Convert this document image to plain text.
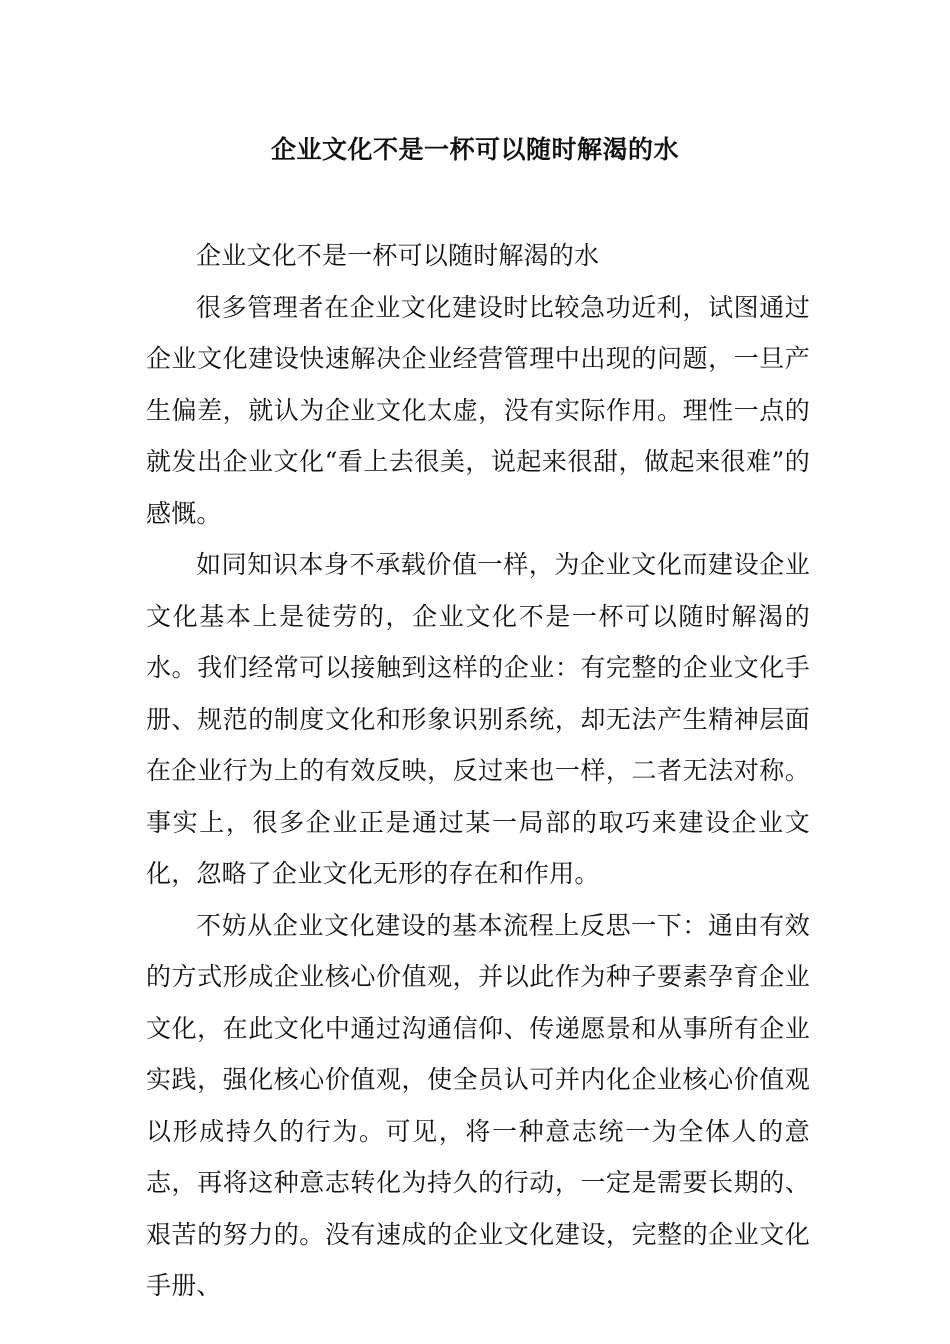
企业文化不是一杯可以随时解渴的水

企业文化不是一杯可以随时解渴的水

很多管理者在企业文化建设时比较急功近利，试图通过企业文化建设快速解决企业经营管理中出现的问题，一旦产生偏差，就认为企业文化太虚，没有实际作用。理性一点的就发出企业文化“看上去很美，说起来很甜，做起来很难”的感慨。

如同知识本身不承载价值一样，为企业文化而建设企业文化基本上是徒劳的，企业文化不是一杯可以随时解渴的水。我们经常可以接触到这样的企业：有完整的企业文化手册、规范的制度文化和形象识别系统，却无法产生精神层面在企业行为上的有效反映，反过来也一样，二者无法对称。事实上，很多企业正是通过某一局部的取巧来建设企业文化，忽略了企业文化无形的存在和作用。

不妨从企业文化建设的基本流程上反思一下：通由有效的方式形成企业核心价值观，并以此作为种子要素孕育企业文化，在此文化中通过沟通信仰、传递愿景和从事所有企业实践，强化核心价值观，使全员认可并内化企业核心价值观以形成持久的行为。可见，将一种意志统一为全体人的意志，再将这种意志转化为持久的行动，一定是需要长期的、艰苦的努力的。没有速成的企业文化建设，完整的企业文化手册、
